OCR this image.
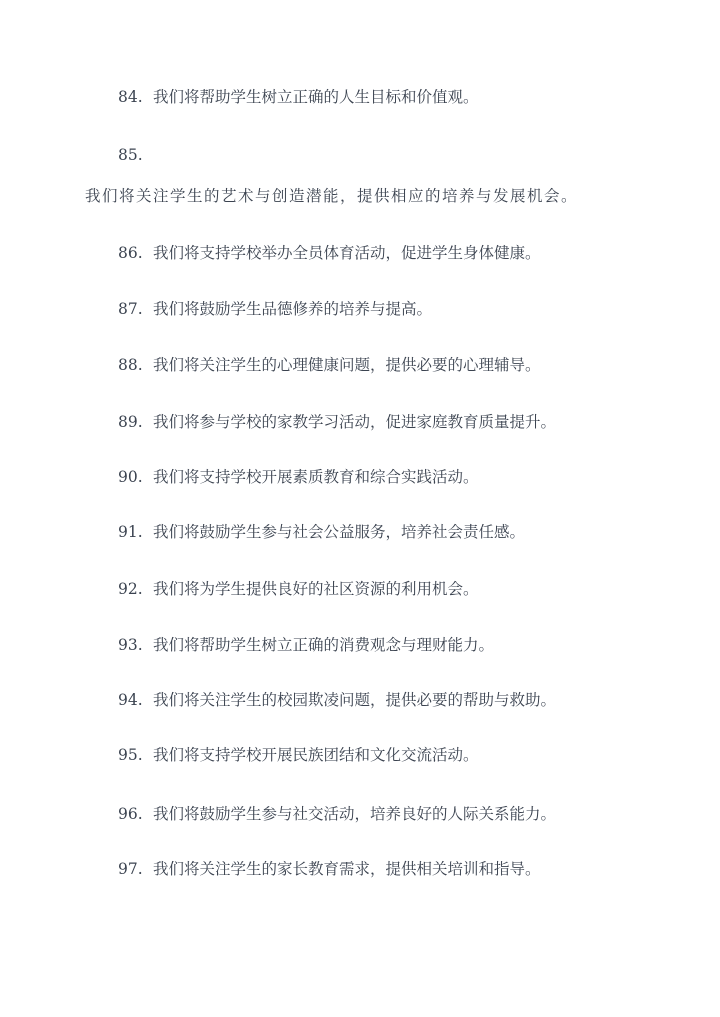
84. 我们将帮助学生树立正确的人生目标和价值观。
85.
我们将关注学生的艺术与创造潜能，提供相应的培养与发展机会。
86. 我们将支持学校举办全员体育活动，促进学生身体健康。
87. 我们将鼓励学生品德修养的培养与提高。
88. 我们将关注学生的心理健康问题，提供必要的心理辅导。
89. 我们将参与学校的家教学习活动，促进家庭教育质量提升。
90. 我们将支持学校开展素质教育和综合实践活动。
91. 我们将鼓励学生参与社会公益服务，培养社会责任感。
92. 我们将为学生提供良好的社区资源的利用机会。
93. 我们将帮助学生树立正确的消费观念与理财能力。
94. 我们将关注学生的校园欺凌问题，提供必要的帮助与救助。
95. 我们将支持学校开展民族团结和文化交流活动。
96. 我们将鼓励学生参与社交活动，培养良好的人际关系能力。
97. 我们将关注学生的家长教育需求，提供相关培训和指导。
